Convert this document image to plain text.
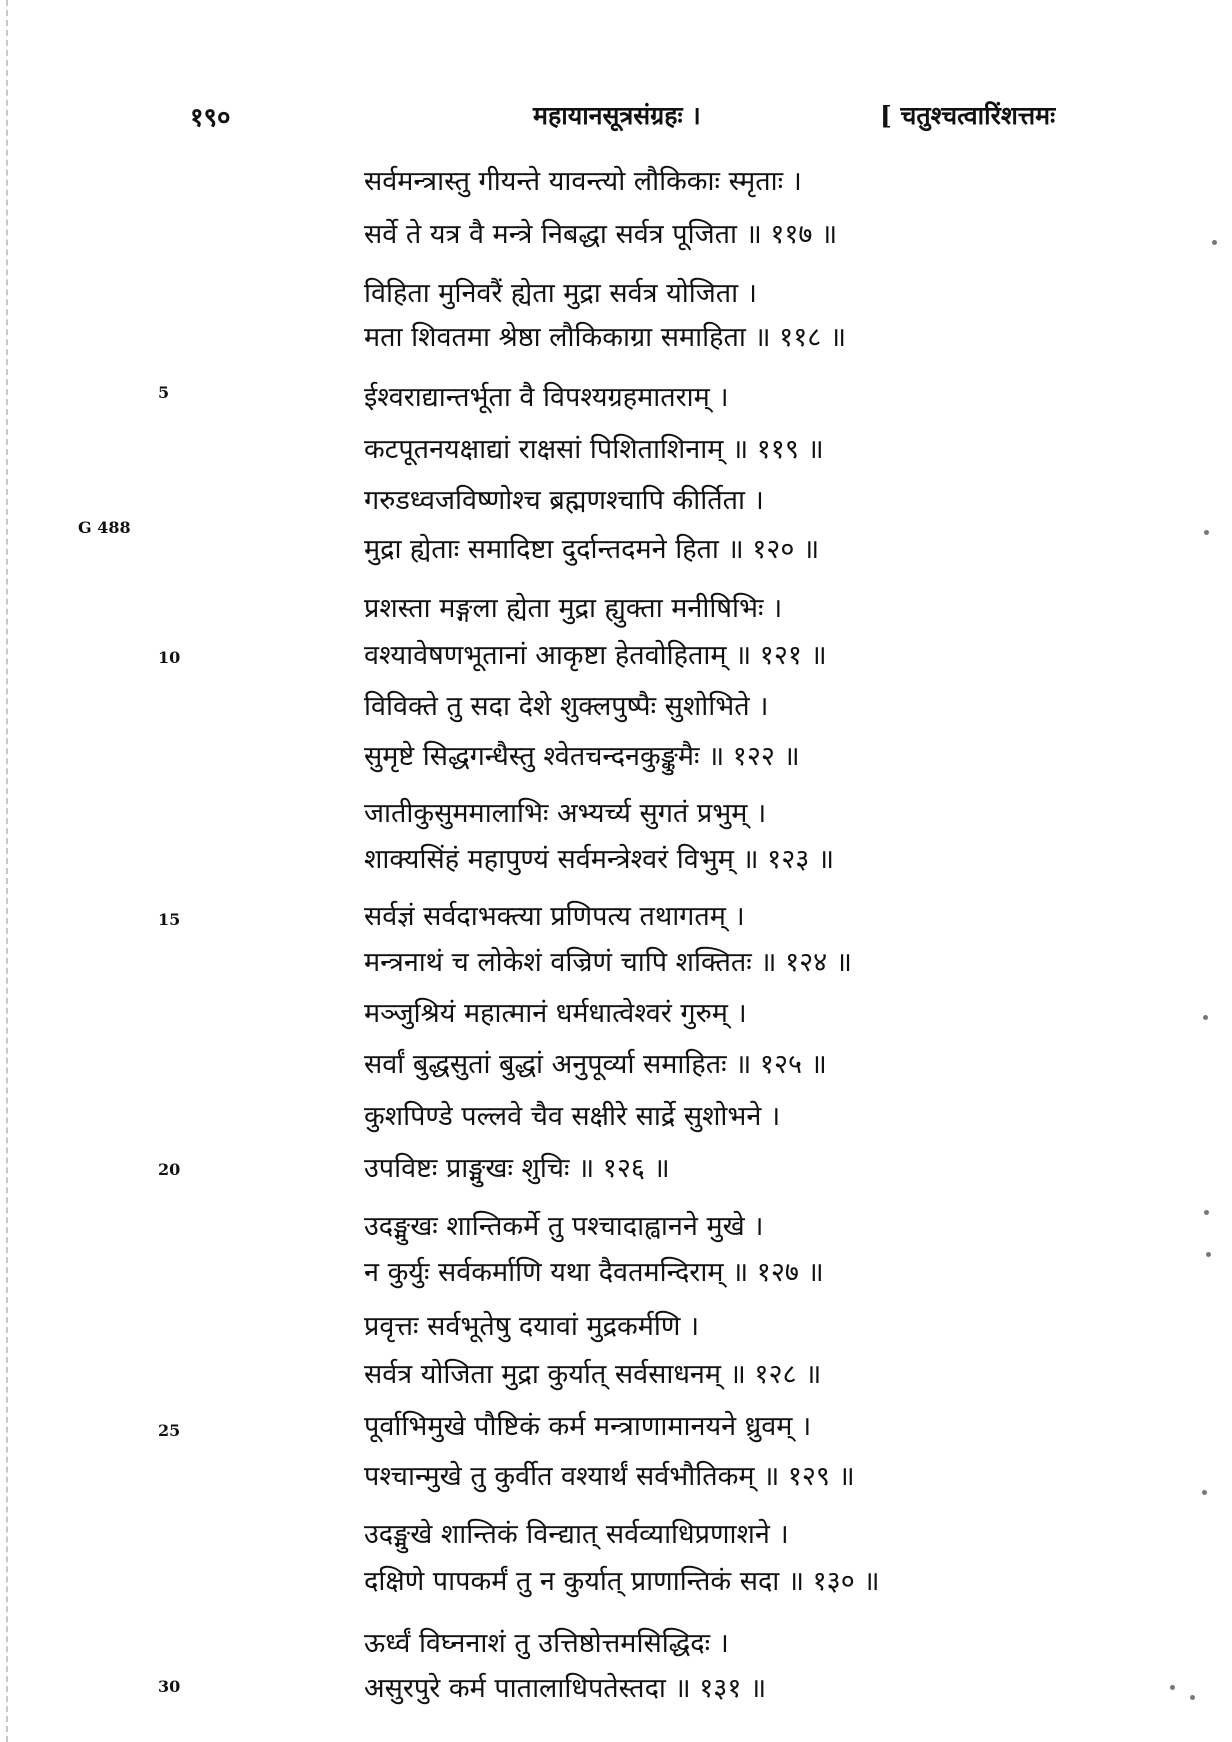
१९०	महायानसूत्रसंग्रहः ।	[ चतुश्चत्वारिंशत्तमः
G 488
5
10
15
20
25
30
सर्वमन्त्रास्तु गीयन्ते यावन्त्यो लौकिकाः स्मृताः ।
सर्वे ते यत्र वै मन्त्रे निबद्धा सर्वत्र पूजिता ॥ ११७ ॥
विहिता मुनिवरैं ह्येता मुद्रा सर्वत्र योजिता ।
मता शिवतमा श्रेष्ठा लौकिकाग्रा समाहिता ॥ ११८ ॥
ईश्वराद्यान्तर्भूता वै विपश्यग्रहमातराम् ।
कटपूतनयक्षाद्यां राक्षसां पिशिताशिनाम् ॥ ११९ ॥
गरुडध्वजविष्णोश्च ब्रह्मणश्चापि कीर्तिता ।
मुद्रा ह्येताः समादिष्टा दुर्दान्तदमने हिता ॥ १२० ॥
प्रशस्ता मङ्गला ह्येता मुद्रा ह्युक्ता मनीषिभिः ।
वश्यावेषणभूतानां आकृष्टा हेतवोहिताम् ॥ १२१ ॥
विविक्ते तु सदा देशे शुक्लपुष्पैः सुशोभिते ।
सुमृष्टे सिद्धगन्धैस्तु श्वेतचन्दनकुङ्कुमैः ॥ १२२ ॥
जातीकुसुममालाभिः अभ्यर्च्य सुगतं प्रभुम् ।
शाक्यसिंहं महापुण्यं सर्वमन्त्रेश्वरं विभुम् ॥ १२३ ॥
सर्वज्ञं सर्वदाभक्त्या प्रणिपत्य तथागतम् ।
मन्त्रनाथं च लोकेशं वज्रिणं चापि शक्तितः ॥ १२४ ॥
मञ्जुश्रियं महात्मानं धर्मधात्वेश्वरं गुरुम् ।
सर्वां बुद्धसुतां बुद्धां अनुपूर्व्या समाहितः ॥ १२५ ॥
कुशपिण्डे पल्लवे चैव सक्षीरे सार्द्रे सुशोभने ।
उपविष्टः प्राङ्मुखः शुचिः ॥ १२६ ॥
उदङ्मुखः शान्तिकर्मे तु पश्चादाह्वानने मुखे ।
न कुर्युः सर्वकर्माणि यथा दैवतमन्दिराम् ॥ १२७ ॥
प्रवृत्तः सर्वभूतेषु दयावां मुद्रकर्मणि ।
सर्वत्र योजिता मुद्रा कुर्यात् सर्वसाधनम् ॥ १२८ ॥
पूर्वाभिमुखे पौष्टिकं कर्म मन्त्राणामानयने ध्रुवम् ।
पश्चान्मुखे तु कुर्वीत वश्यार्थं सर्वभौतिकम् ॥ १२९ ॥
उदङ्मुखे शान्तिकं विन्द्यात् सर्वव्याधिप्रणाशने ।
दक्षिणे पापकर्मं तु न कुर्यात् प्राणान्तिकं सदा ॥ १३० ॥
ऊर्ध्वं विघ्ननाशं तु उत्तिष्ठोत्तमसिद्धिदः ।
असुरपुरे कर्म पातालाधिपतेस्तदा ॥ १३१ ॥
